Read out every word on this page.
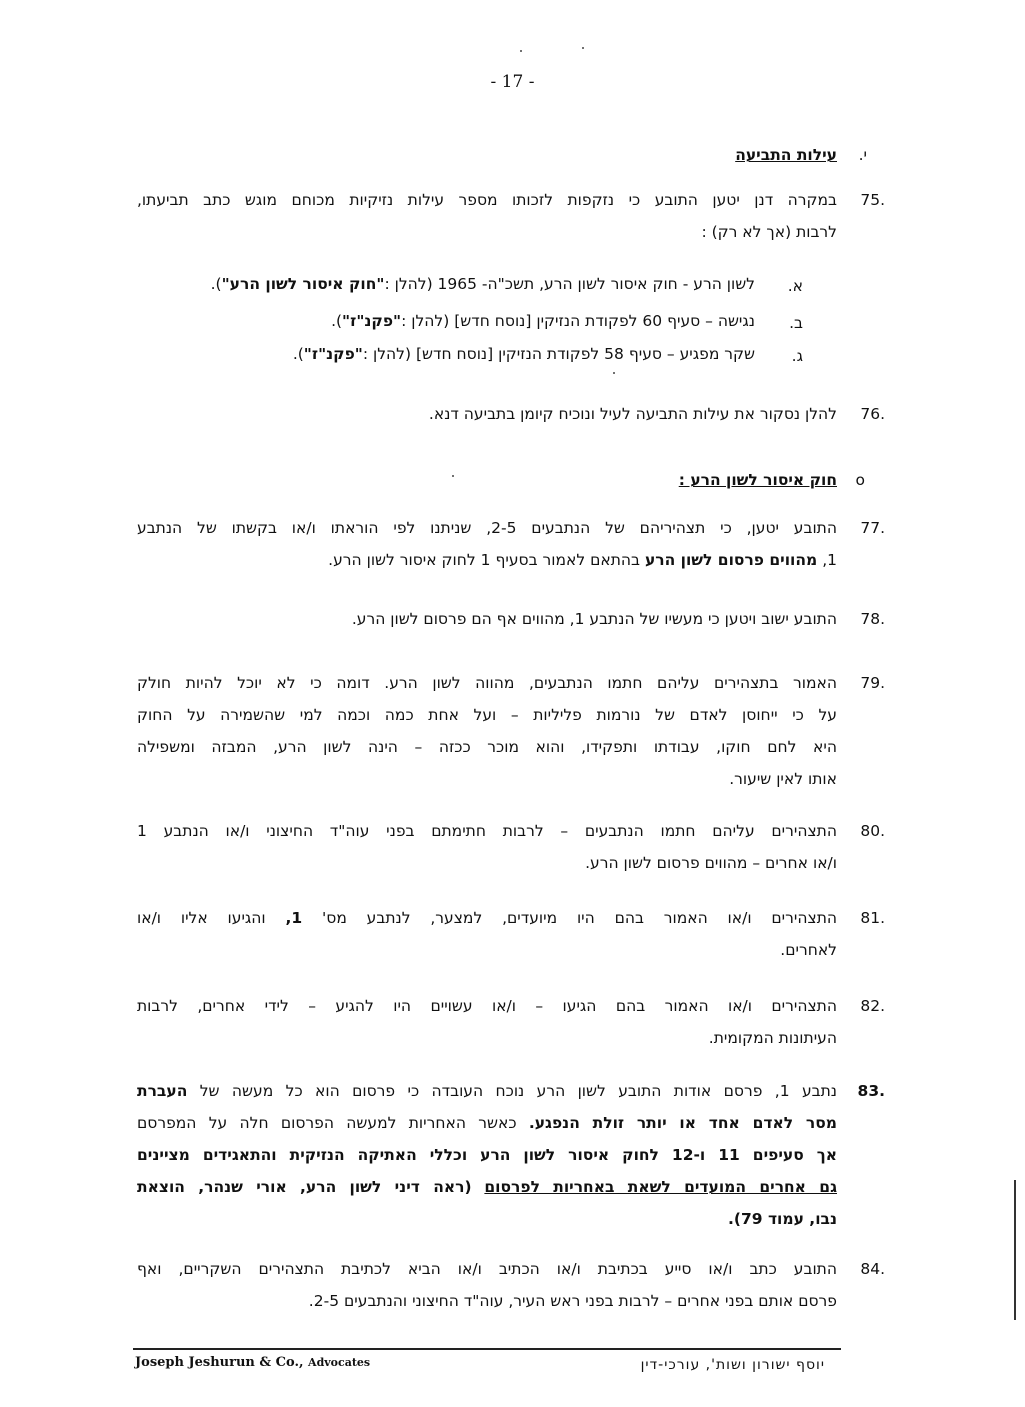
- 17 -
י.
עילות התביעה
75.
במקרה דנן יטען התובע כי נזקפות לזכותו מספר עילות נזיקיות מכוחם מוגש כתב תביעתו,
לרבות (אך לא רק) :
א.
לשון הרע - חוק איסור לשון הרע, תשכ"ה- 1965 (להלן :"חוק איסור לשון הרע").
ב.
נגישה – סעיף 60 לפקודת הנזיקין [נוסח חדש] (להלן :"פקנ"ז").
ג.
שקר מפגיע – סעיף 58 לפקודת הנזיקין [נוסח חדש] (להלן :"פקנ"ז").
76.
להלן נסקור את עילות התביעה לעיל ונוכיח קיומן בתביעה דנא.
o
חוק איסור לשון הרע :
77.
התובע יטען, כי תצהיריהם של הנתבעים 2-5, שניתנו לפי הוראתו ו/או בקשתו של הנתבע
1, מהווים פרסום לשון הרע בהתאם לאמור בסעיף 1 לחוק איסור לשון הרע.
78.
התובע ישוב ויטען כי מעשיו של הנתבע 1, מהווים אף הם פרסום לשון הרע.
79.
האמור בתצהירים עליהם חתמו הנתבעים, מהווה לשון הרע. דומה כי לא יוכל להיות חולק
על כי ייחוסן לאדם של נורמות פליליות – ועל אחת כמה וכמה למי שהשמירה על החוק
היא לחם חוקו, עבודתו ותפקידו, והוא מוכר ככזה – הינה לשון הרע, המבזה ומשפילה
אותו לאין שיעור.
80.
התצהירים עליהם חתמו הנתבעים – לרבות חתימתם בפני עוה"ד החיצוני ו/או הנתבע 1
ו/או אחרים – מהווים פרסום לשון הרע.
81.
התצהירים ו/או האמור בהם היו מיועדים, למצער, לנתבע מס' 1, והגיעו אליו ו/או
לאחרים.
82.
התצהירים ו/או האמור בהם הגיעו – ו/או עשויים היו להגיע – לידי אחרים, לרבות
העיתונות המקומית.
83.
נתבע 1, פרסם אודות התובע לשון הרע נוכח העובדה כי פרסום הוא כל מעשה של העברת
מסר לאדם אחד או יותר זולת הנפגע. כאשר האחריות למעשה הפרסום חלה על המפרסם
אך סעיפים 11 ו-12 לחוק איסור לשון הרע וכללי האתיקה הנזיקית והתאגידים מציינים
גם אחרים המועדים לשאת באחריות לפרסום (ראה דיני לשון הרע, אורי שנהר, הוצאת
נבו, עמוד 79).
84.
התובע כתב ו/או סייע בכתיבת ו/או הכתיב ו/או הביא לכתיבת התצהירים השקריים, ואף
פרסם אותם בפני אחרים – לרבות בפני ראש העיר, עוה"ד החיצוני והנתבעים 2-5.
Joseph Jeshurun & Co., Advocates	יוסף ישורון ושות', עורכי-דין
